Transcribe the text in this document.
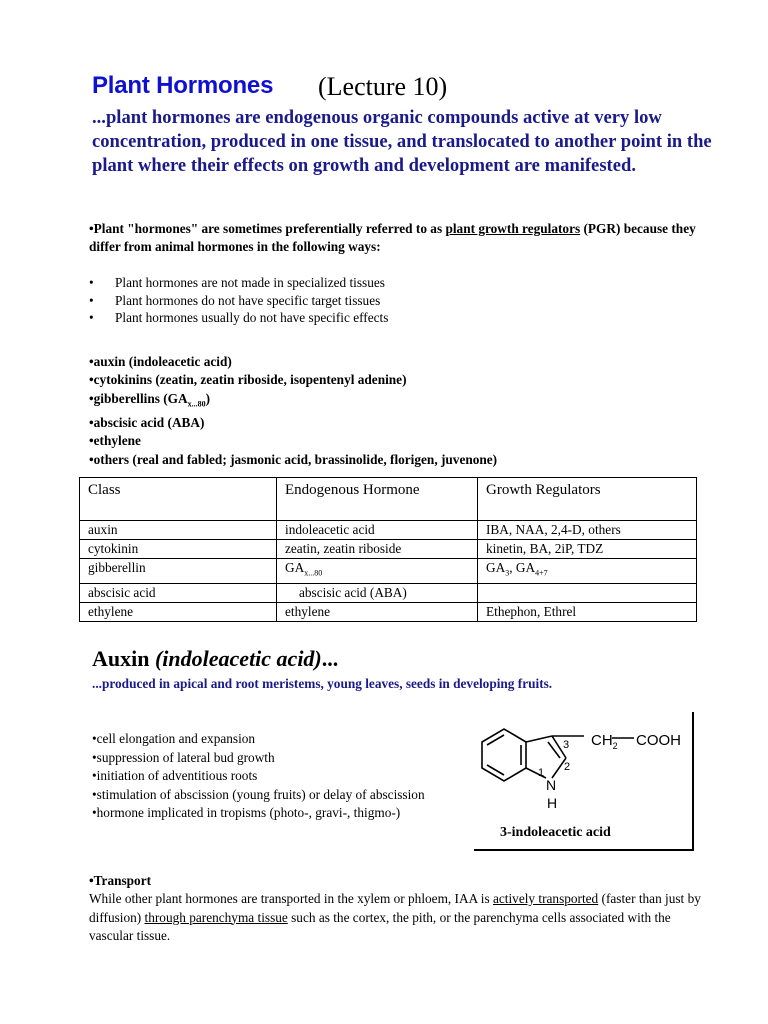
Plant Hormones (Lecture 10)
...plant hormones are endogenous organic compounds active at very low concentration, produced in one tissue, and translocated to another point in the plant where their effects on growth and development are manifested.
•Plant "hormones" are sometimes preferentially referred to as plant growth regulators (PGR) because they differ from animal hormones in the following ways:
•	Plant hormones are not made in specialized tissues
•	Plant hormones do not have specific target tissues
•	Plant hormones usually do not have specific effects
•auxin (indoleacetic acid)
•cytokinins (zeatin, zeatin riboside, isopentenyl adenine)
•gibberellins $(GA_{x...80})$
•abscisic acid (ABA)
•ethylene
•others (real and fabled; jasmonic acid, brassinolide, florigen, juvenone)
Class	Endogenous Hormone	Growth Regulators
auxin	indoleacetic acid	IBA, NAA, 2,4-D, others
cytokinin	zeatin, zeatin riboside	kinetin, BA, 2iP, TDZ
gibberellin	$GA_{x...80}$	$GA_3$, $GA_{4+7}$
abscisic acid	abscisic acid (ABA)	
ethylene	ethylene	Ethephon, Ethrel
Auxin (indoleacetic acid)...
...produced in apical and root meristems, young leaves, seeds in developing fruits.
•cell elongation and expansion
•suppression of lateral bud growth
•initiation of adventitious roots
•stimulation of abscission (young fruits) or delay of abscission
•hormone implicated in tropisms (photo-, gravi-, thigmo-)
$CH_2$ COOH
3
2
1
N
H
3-indoleacetic acid
•Transport
While other plant hormones are transported in the xylem or phloem, IAA is actively transported (faster than just by diffusion) through parenchyma tissue such as the cortex, the pith, or the parenchyma cells associated with the vascular tissue.
